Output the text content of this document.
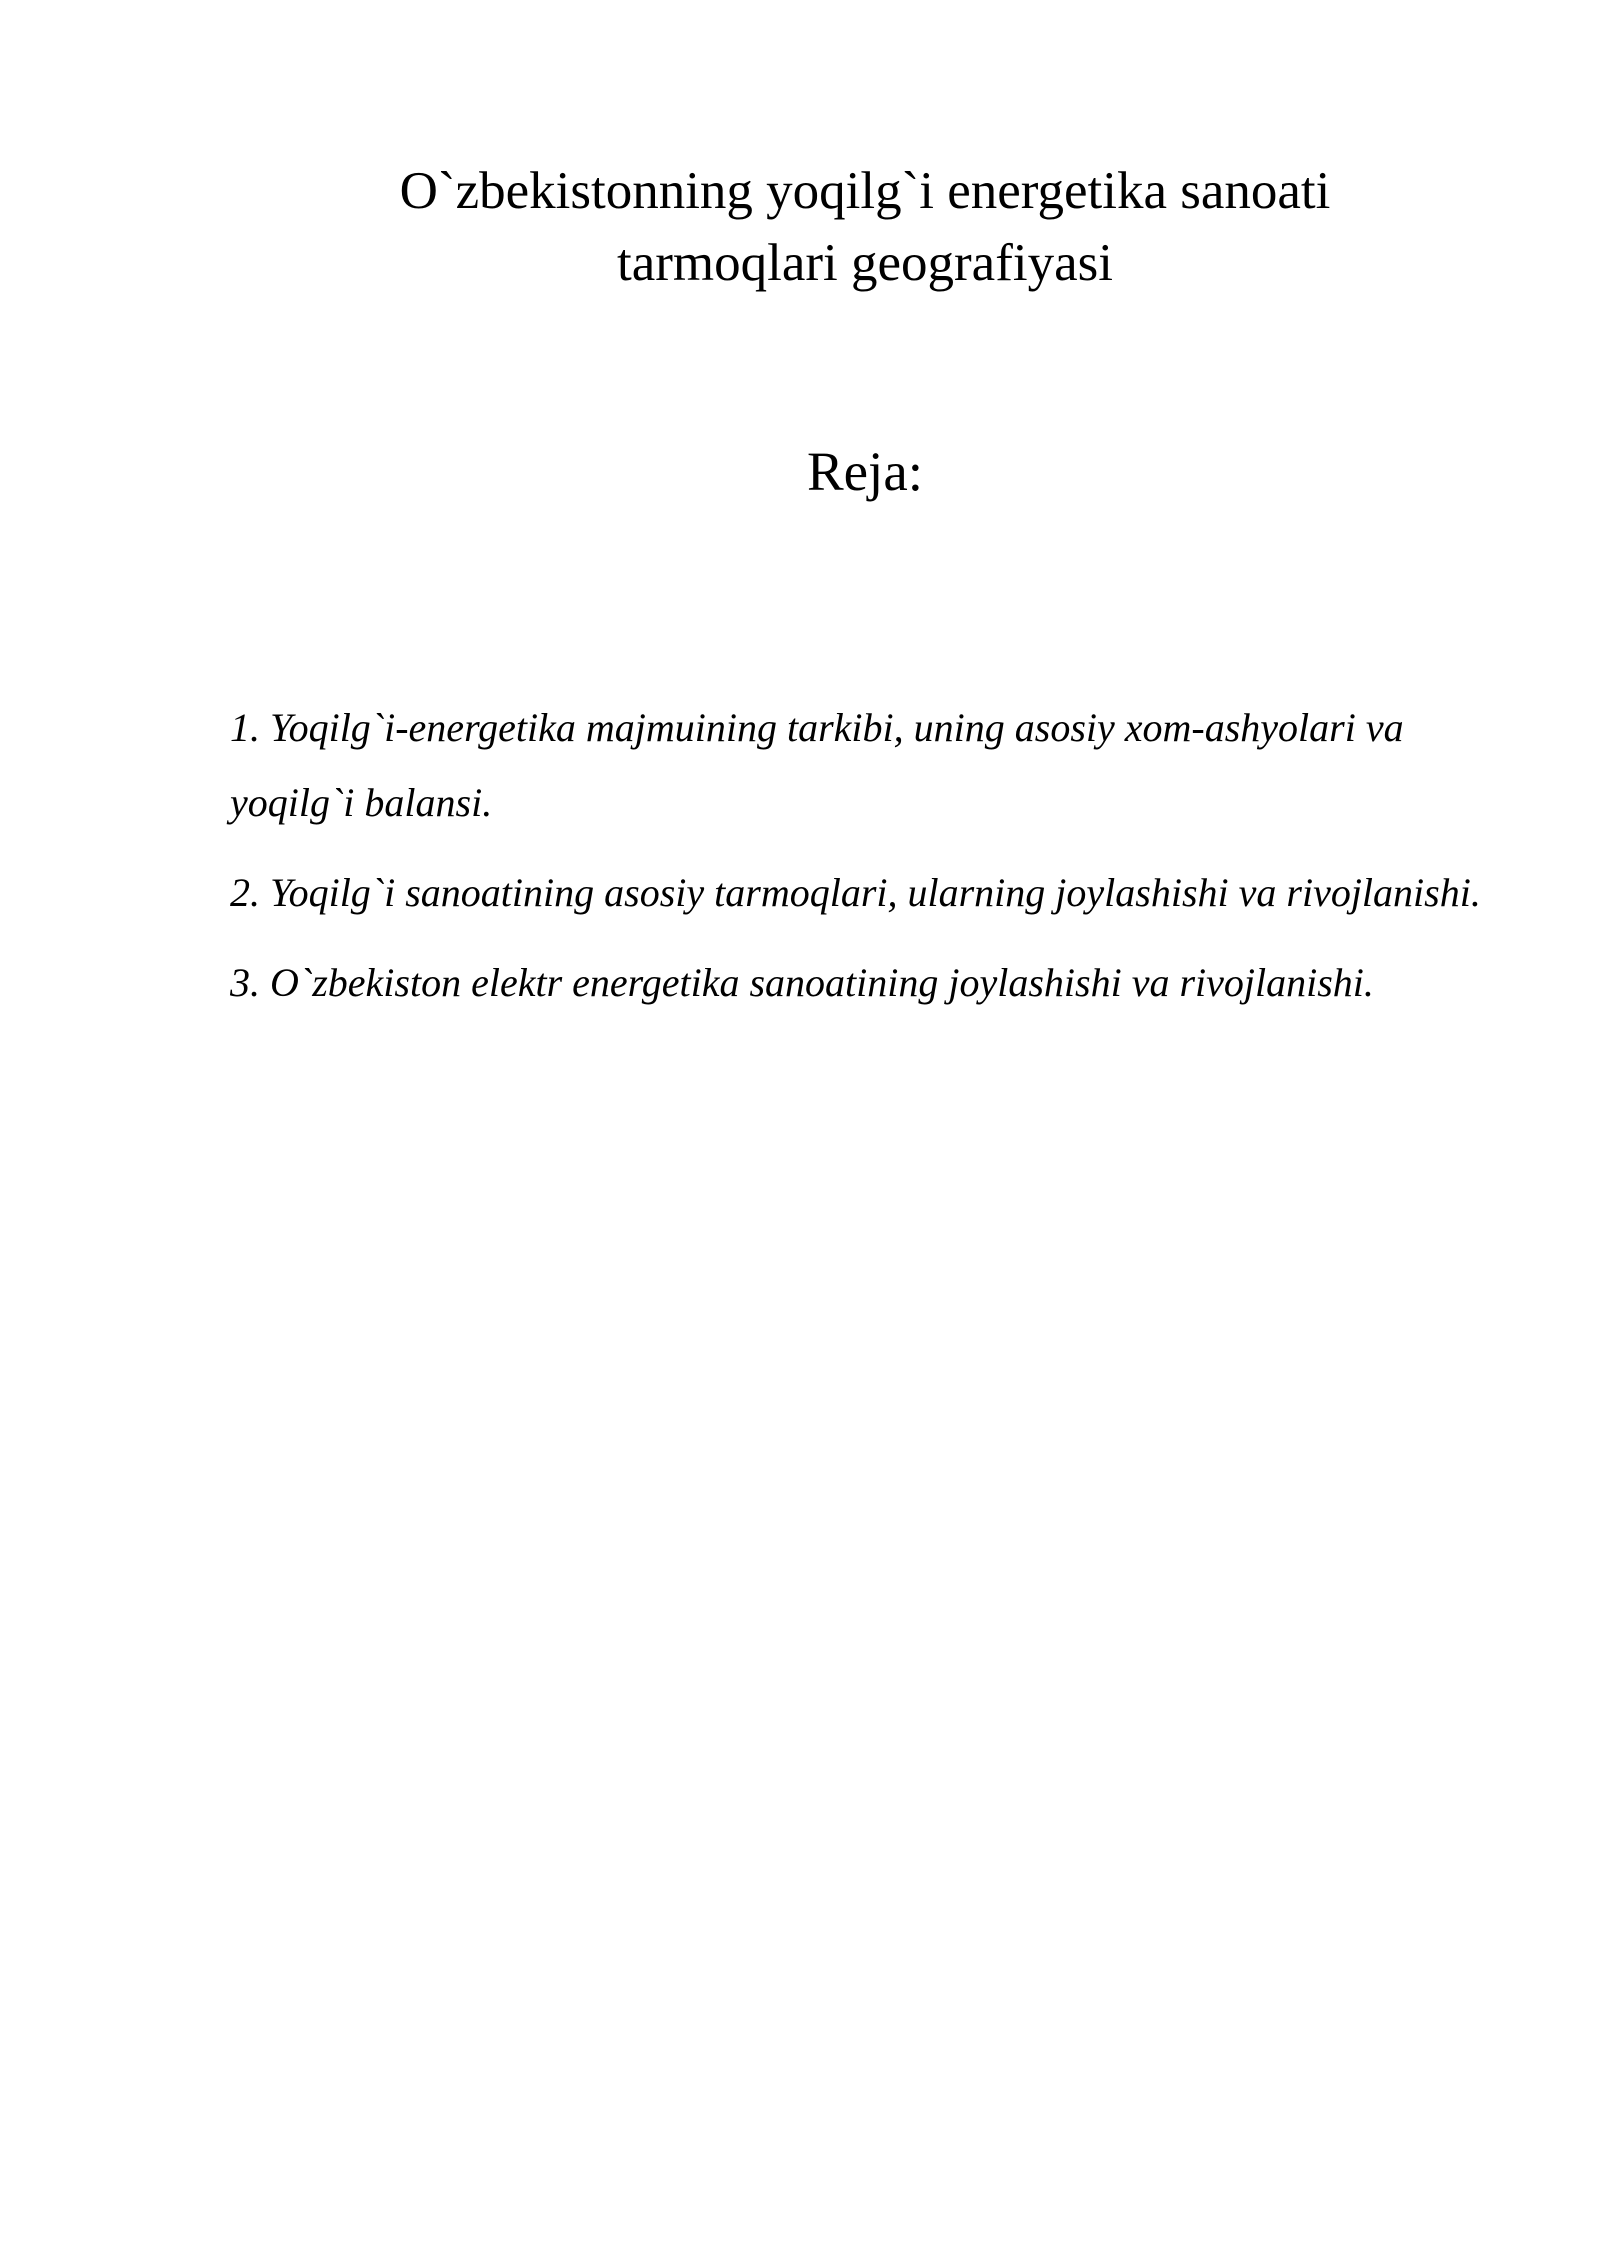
O`zbekistonning yoqilg`i energetika sanoati
tarmoqlari geografiyasi
Reja:

1. Yoqilg`i-energetika majmuining tarkibi, uning asosiy xom-ashyolari va yoqilg`i balansi.

2. Yoqilg`i sanoatining asosiy tarmoqlari, ularning joylashishi va rivojlanishi.

3. O`zbekiston elektr energetika sanoatining joylashishi va rivojlanishi.
